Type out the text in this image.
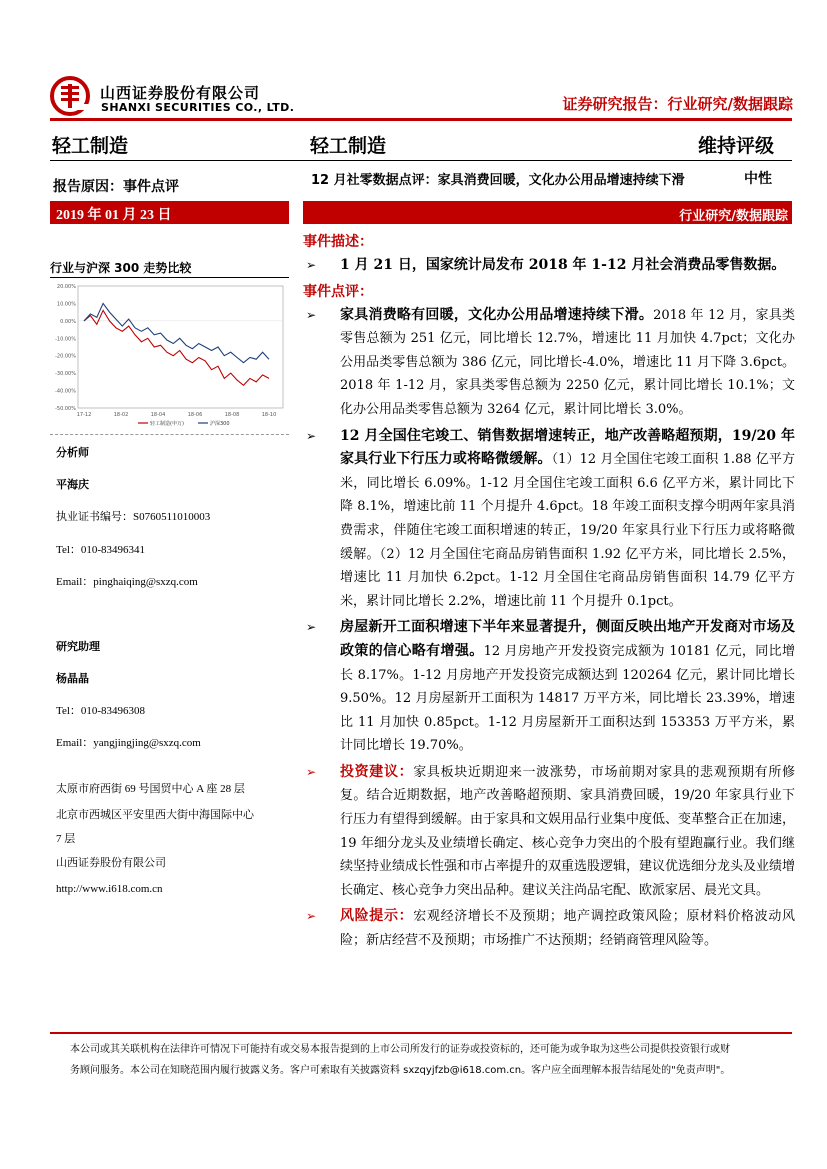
山西证券股份有限公司
SHANXI SECURITIES CO., LTD.	证券研究报告：行业研究/数据跟踪
轻工制造	轻工制造	维持评级
报告原因：事件点评	12 月社零数据点评：家具消费回暖，文化办公用品增速持续下滑	中性
2019 年 01 月 23 日	行业研究/数据跟踪
行业与沪深 300 走势比较
20.00%
10.00%
0.00%
-10.00%
-20.00%
-30.00%
-40.00%
-50.00%
17-12	18-02	18-04	18-06	18-08	18-10
轻工制造(申万)	沪深300
分析师
平海庆
执业证书编号：S0760511010003
Tel：010-83496341
Email：pinghaiqing@sxzq.com
研究助理
杨晶晶
Tel：010-83496308
Email：yangjingjing@sxzq.com
太原市府西街 69 号国贸中心 A 座 28 层
北京市西城区平安里西大街中海国际中心
7 层
山西证券股份有限公司
http://www.i618.com.cn
事件描述：
➢ 1 月 21 日，国家统计局发布 2018 年 1-12 月社会消费品零售数据。

事件点评：
➢ 家具消费略有回暖，文化办公用品增速持续下滑。2018 年 12 月，家具类零售总额为 251 亿元，同比增长 12.7%，增速比 11 月加快 4.7pct；文化办公用品类零售总额为 386 亿元，同比增长-4.0%，增速比 11 月下降 3.6pct。2018 年 1-12 月，家具类零售总额为 2250 亿元，累计同比增长 10.1%；文化办公用品类零售总额为 3264 亿元，累计同比增长 3.0%。

➢ 12 月全国住宅竣工、销售数据增速转正，地产改善略超预期，19/20 年家具行业下行压力或将略微缓解。（1）12 月全国住宅竣工面积 1.88 亿平方米，同比增长 6.09%。1-12 月全国住宅竣工面积 6.6 亿平方米，累计同比下降 8.1%，增速比前 11 个月提升 4.6pct。18 年竣工面积支撑今明两年家具消费需求，伴随住宅竣工面积增速的转正，19/20 年家具行业下行压力或将略微缓解。（2）12 月全国住宅商品房销售面积 1.92 亿平方米，同比增长 2.5%，增速比 11 月加快 6.2pct。1-12 月全国住宅商品房销售面积 14.79 亿平方米，累计同比增长 2.2%，增速比前 11 个月提升 0.1pct。

➢ 房屋新开工面积增速下半年来显著提升，侧面反映出地产开发商对市场及政策的信心略有增强。12 月房地产开发投资完成额为 10181 亿元，同比增长 8.17%。1-12 月房地产开发投资完成额达到 120264 亿元，累计同比增长 9.50%。12 月房屋新开工面积为 14817 万平方米，同比增长 23.39%，增速比 11 月加快 0.85pct。1-12 月房屋新开工面积达到 153353 万平方米，累计同比增长 19.70%。

➢ 投资建议：家具板块近期迎来一波涨势，市场前期对家具的悲观预期有所修复。结合近期数据，地产改善略超预期、家具消费回暖，19/20 年家具行业下行压力有望得到缓解。由于家具和文娱用品行业集中度低、变革整合正在加速，19 年细分龙头及业绩增长确定、核心竞争力突出的个股有望跑赢行业。我们继续坚持业绩成长性强和市占率提升的双重选股逻辑，建议优选细分龙头及业绩增长确定、核心竞争力突出品种。建议关注尚品宅配、欧派家居、晨光文具。

➢ 风险提示：宏观经济增长不及预期；地产调控政策风险；原材料价格波动风险；新店经营不及预期；市场推广不达预期；经销商管理风险等。

本公司或其关联机构在法律许可情况下可能持有或交易本报告提到的上市公司所发行的证券或投资标的，还可能为或争取为这些公司提供投资银行或财
务顾问服务。本公司在知晓范围内履行披露义务。客户可索取有关披露资料 sxzqyjfzb@i618.com.cn。客户应全面理解本报告结尾处的"免责声明"。
